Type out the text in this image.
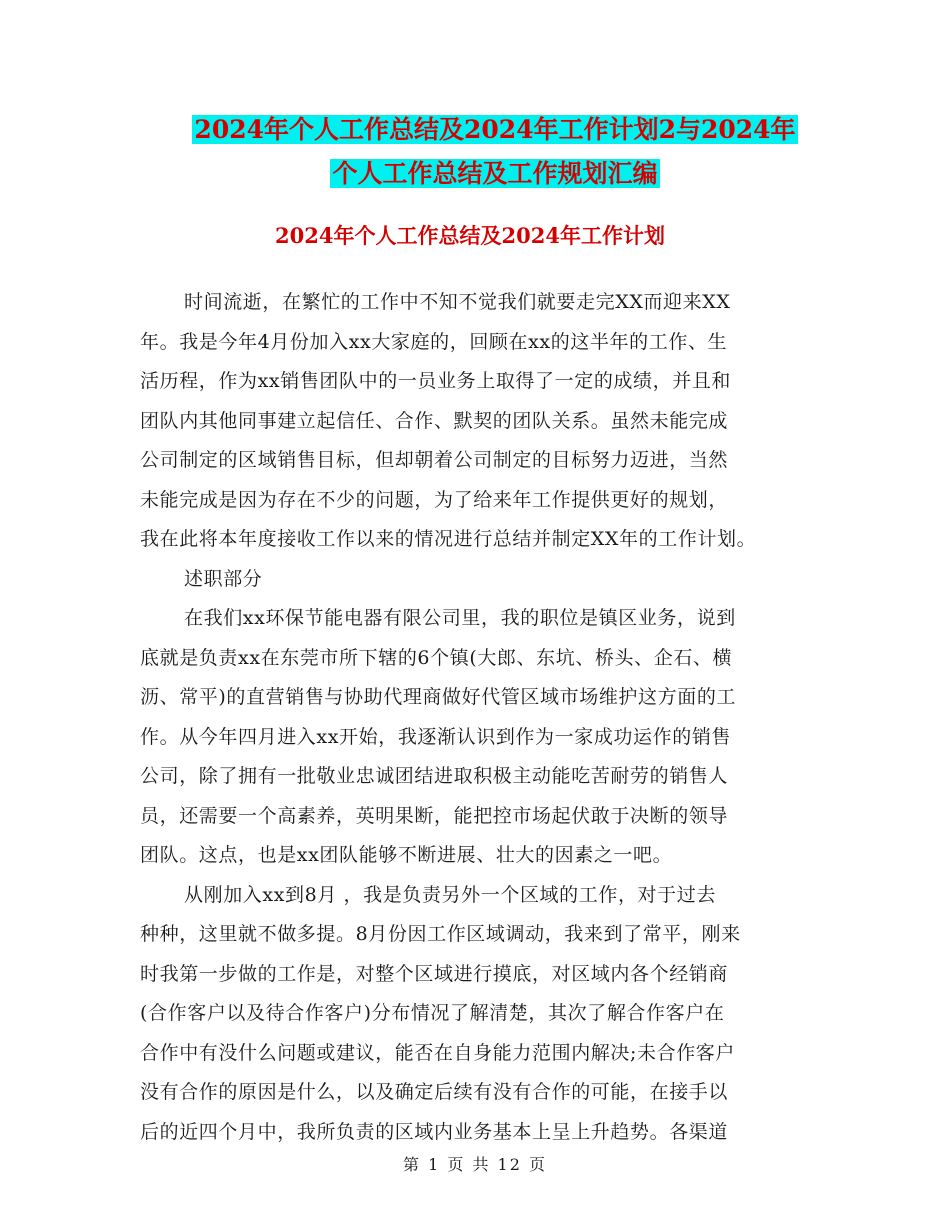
2024年个人工作总结及2024年工作计划2与2024年
个人工作总结及工作规划汇编
2024年个人工作总结及2024年工作计划
时间流逝，在繁忙的工作中不知不觉我们就要走完XX而迎来XX
年。我是今年4月份加入xx大家庭的，回顾在xx的这半年的工作、生
活历程，作为xx销售团队中的一员业务上取得了一定的成绩，并且和
团队内其他同事建立起信任、合作、默契的团队关系。虽然未能完成
公司制定的区域销售目标，但却朝着公司制定的目标努力迈进，当然
未能完成是因为存在不少的问题，为了给来年工作提供更好的规划，
我在此将本年度接收工作以来的情况进行总结并制定XX年的工作计划。
述职部分
在我们xx环保节能电器有限公司里，我的职位是镇区业务，说到
底就是负责xx在东莞市所下辖的6个镇(大郎、东坑、桥头、企石、横
沥、常平)的直营销售与协助代理商做好代管区域市场维护这方面的工
作。从今年四月进入xx开始，我逐渐认识到作为一家成功运作的销售
公司，除了拥有一批敬业忠诚团结进取积极主动能吃苦耐劳的销售人
员，还需要一个高素养，英明果断，能把控市场起伏敢于决断的领导
团队。这点，也是xx团队能够不断进展、壮大的因素之一吧。
从刚加入xx到8月 ，我是负责另外一个区域的工作，对于过去
种种，这里就不做多提。8月份因工作区域调动，我来到了常平，刚来
时我第一步做的工作是，对整个区域进行摸底，对区域内各个经销商
(合作客户以及待合作客户)分布情况了解清楚，其次了解合作客户在
合作中有没什么问题或建议，能否在自身能力范围内解决;未合作客户
没有合作的原因是什么，以及确定后续有没有合作的可能，在接手以
后的近四个月中，我所负责的区域内业务基本上呈上升趋势。各渠道
第 1 页 共 12 页
